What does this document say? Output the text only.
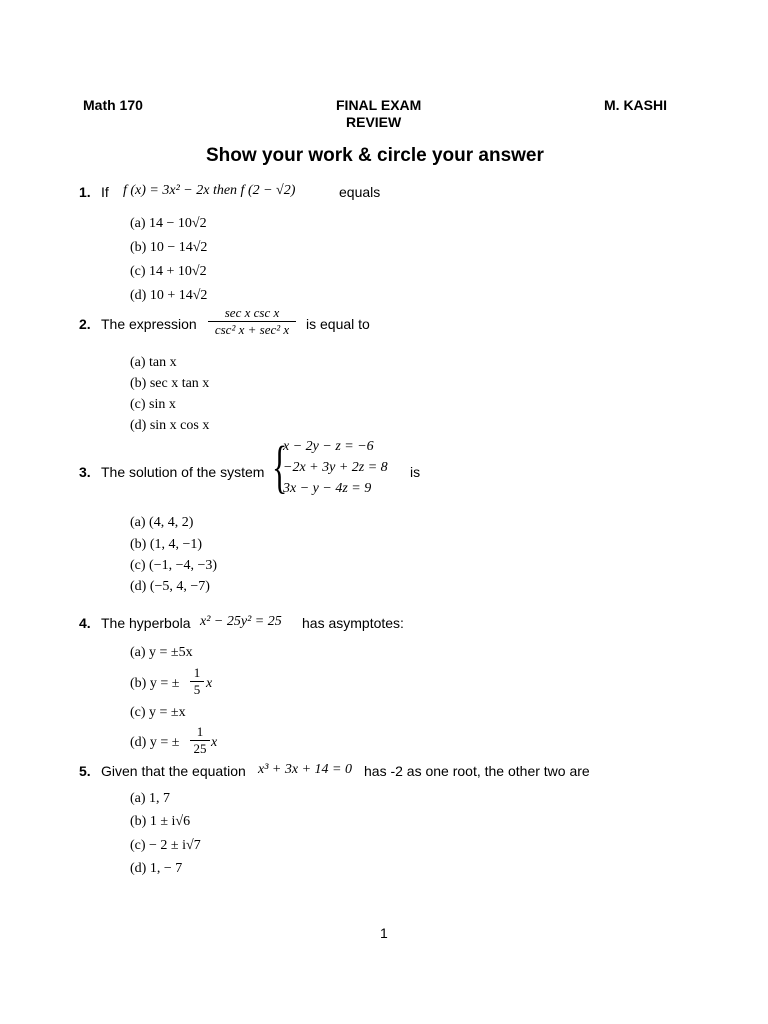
Math 170	FINAL EXAM
REVIEW
M. KASHI
Show your work & circle your answer
1. If f (x) = 3x² − 2x then f (2 − √2)	equals
(a) 14 − 10√2
(b) 10 − 14√2
(c) 14 + 10√2
(d) 10 + 14√2
2. The expression
sec x csc x
csc² x + sec² x	is equal to
(a) tan x
(b) sec x tan x
(c) sin x
(d) sin x cos x
3. The solution of the system {
x − 2y − z = −6
−2x + 3y + 2z = 8
3x − y − 4z = 9
is
(a) (4, 4, 2)
(b) (1, 4, −1)
(c) (−1, −4, −3)
(d) (−5, 4, −7)
4. The hyperbola x² − 25y² = 25 has asymptotes:
(a) y = ±5x
(b) y = ±
1
5 x
(c) y = ±x
(d) y = ±
1
25 x
5. Given that the equation x³ + 3x + 14 = 0 has -2 as one root, the other two are
(a) 1, 7
(b) 1 ± i√6
(c) − 2 ± i√7
(d) 1, − 7
1
